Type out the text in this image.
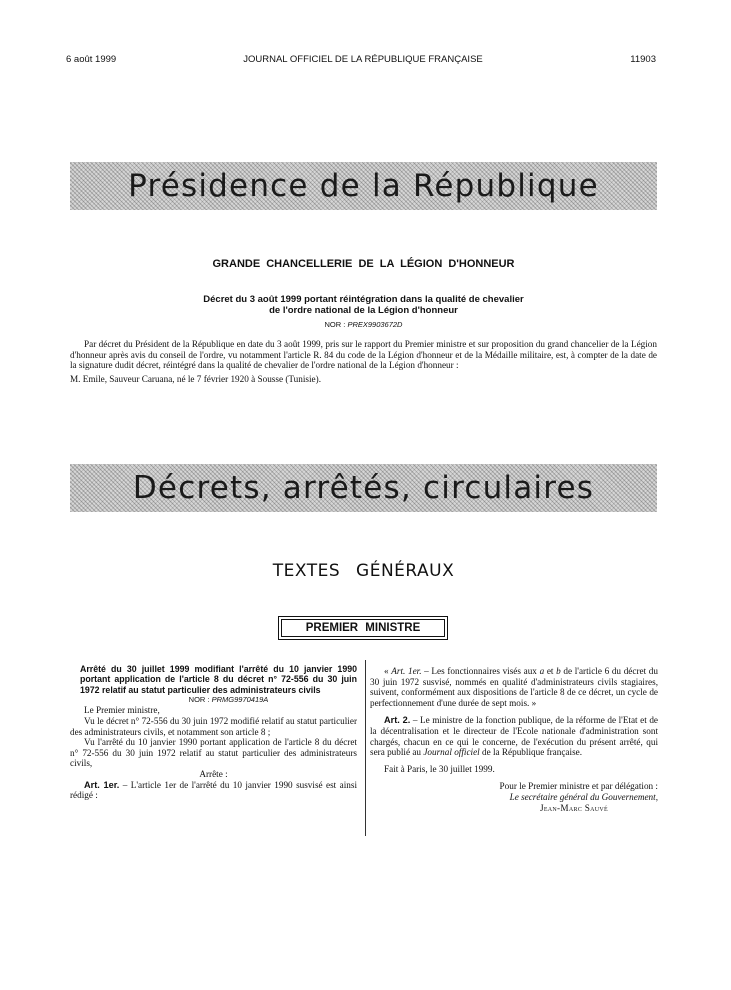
6 août 1999	JOURNAL OFFICIEL DE LA RÉPUBLIQUE FRANÇAISE	11903
Présidence de la République
GRANDE CHANCELLERIE DE LA LÉGION D'HONNEUR
Décret du 3 août 1999 portant réintégration dans la qualité de chevalier
de l'ordre national de la Légion d'honneur
NOR : PREX9903672D

Par décret du Président de la République en date du 3 août 1999, pris sur le rapport du Premier ministre et sur proposition du grand chancelier de la Légion d'honneur après avis du conseil de l'ordre, vu notamment l'article R. 84 du code de la Légion d'honneur et de la Médaille militaire, est, à compter de la date de la signature dudit décret, réintégré dans la qualité de chevalier de l'ordre national de la Légion d'honneur :

M. Emile, Sauveur Caruana, né le 7 février 1920 à Sousse (Tunisie).

Décrets, arrêtés, circulaires
TEXTES GÉNÉRAUX
PREMIER MINISTRE

Arrêté du 30 juillet 1999 modifiant l'arrêté du 10 janvier 1990 portant application de l'article 8 du décret n° 72-556 du 30 juin 1972 relatif au statut particulier des administrateurs civils

NOR : PRMG9970419A

Le Premier ministre,

Vu le décret n° 72-556 du 30 juin 1972 modifié relatif au statut particulier des administrateurs civils, et notamment son article 8 ;

Vu l'arrêté du 10 janvier 1990 portant application de l'article 8 du décret n° 72-556 du 30 juin 1972 relatif au statut particulier des administrateurs civils,

Arrête :

Art. 1er. – L'article 1er de l'arrêté du 10 janvier 1990 susvisé est ainsi rédigé :

« Art. 1er. – Les fonctionnaires visés aux a et b de l'article 6 du décret du 30 juin 1972 susvisé, nommés en qualité d'administrateurs civils stagiaires, suivent, conformément aux dispositions de l'article 8 de ce décret, un cycle de perfectionnement d'une durée de sept mois. »

Art. 2. – Le ministre de la fonction publique, de la réforme de l'Etat et de la décentralisation et le directeur de l'Ecole nationale d'administration sont chargés, chacun en ce qui le concerne, de l'exécution du présent arrêté, qui sera publié au Journal officiel de la République française.

Fait à Paris, le 30 juillet 1999.

Pour le Premier ministre et par délégation :
Le secrétaire général du Gouvernement,
Jean-Marc Sauvé
